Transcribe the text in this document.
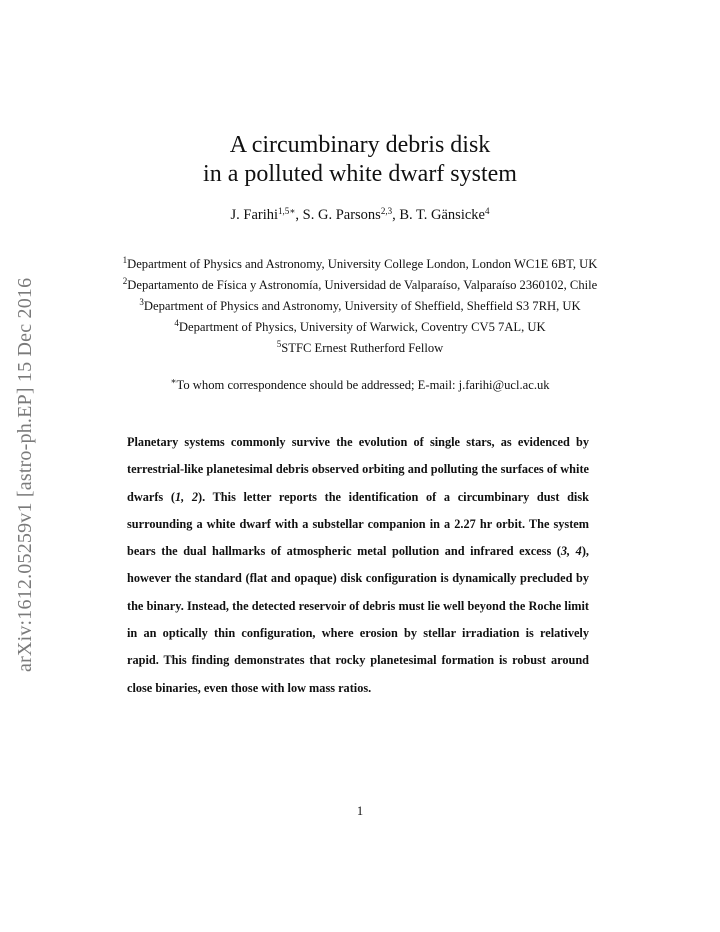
arXiv:1612.05259v1 [astro-ph.EP] 15 Dec 2016
A circumbinary debris disk
in a polluted white dwarf system
J. Farihi$^{1,5∗}$, S. G. Parsons$^{2,3}$, B. T. Gänsicke$^4$
$^1$Department of Physics and Astronomy, University College London, London WC1E 6BT, UK
$^2$Departamento de Física y Astronomía, Universidad de Valparaíso, Valparaíso 2360102, Chile
$^3$Department of Physics and Astronomy, University of Sheffield, Sheffield S3 7RH, UK
$^4$Department of Physics, University of Warwick, Coventry CV5 7AL, UK
$^5$STFC Ernest Rutherford Fellow
∗To whom correspondence should be addressed; E-mail: j.farihi@ucl.ac.uk
Planetary systems commonly survive the evolution of single stars, as evidenced by terrestrial-like planetesimal debris observed orbiting and polluting the surfaces of white dwarfs (1, 2). This letter reports the identification of a circumbinary dust disk surrounding a white dwarf with a substellar companion in a 2.27 hr orbit. The system bears the dual hallmarks of atmospheric metal pollution and infrared excess (3, 4), however the standard (flat and opaque) disk configuration is dynamically precluded by the binary. Instead, the detected reservoir of debris must lie well beyond the Roche limit in an optically thin configuration, where erosion by stellar irradiation is relatively rapid. This finding demonstrates that rocky planetesimal formation is robust around close binaries, even those with low mass ratios.
1
